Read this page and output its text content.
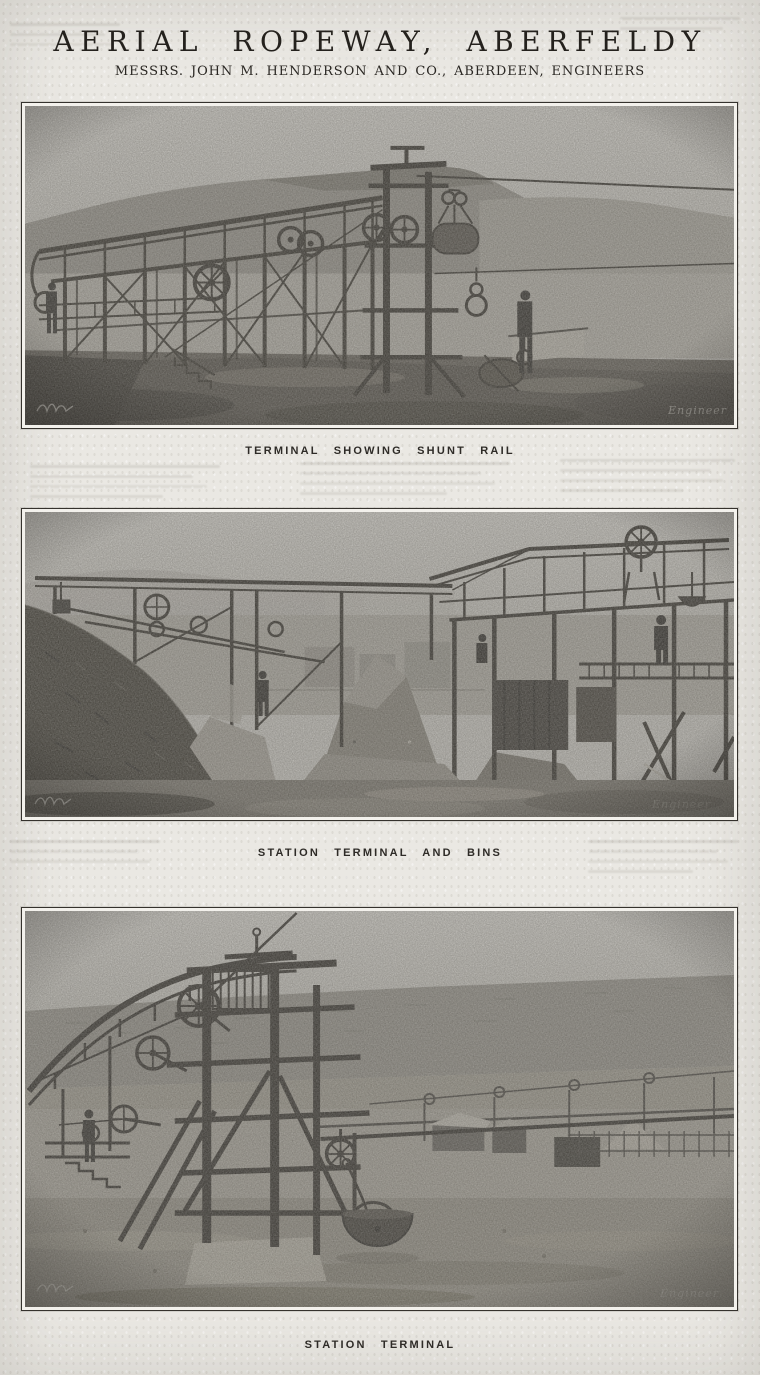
AERIAL ROPEWAY, ABERFELDY
MESSRS. JOHN M. HENDERSON AND CO., ABERDEEN, ENGINEERS
TERMINAL SHOWING SHUNT RAIL
STATION TERMINAL AND BINS
STATION TERMINAL
